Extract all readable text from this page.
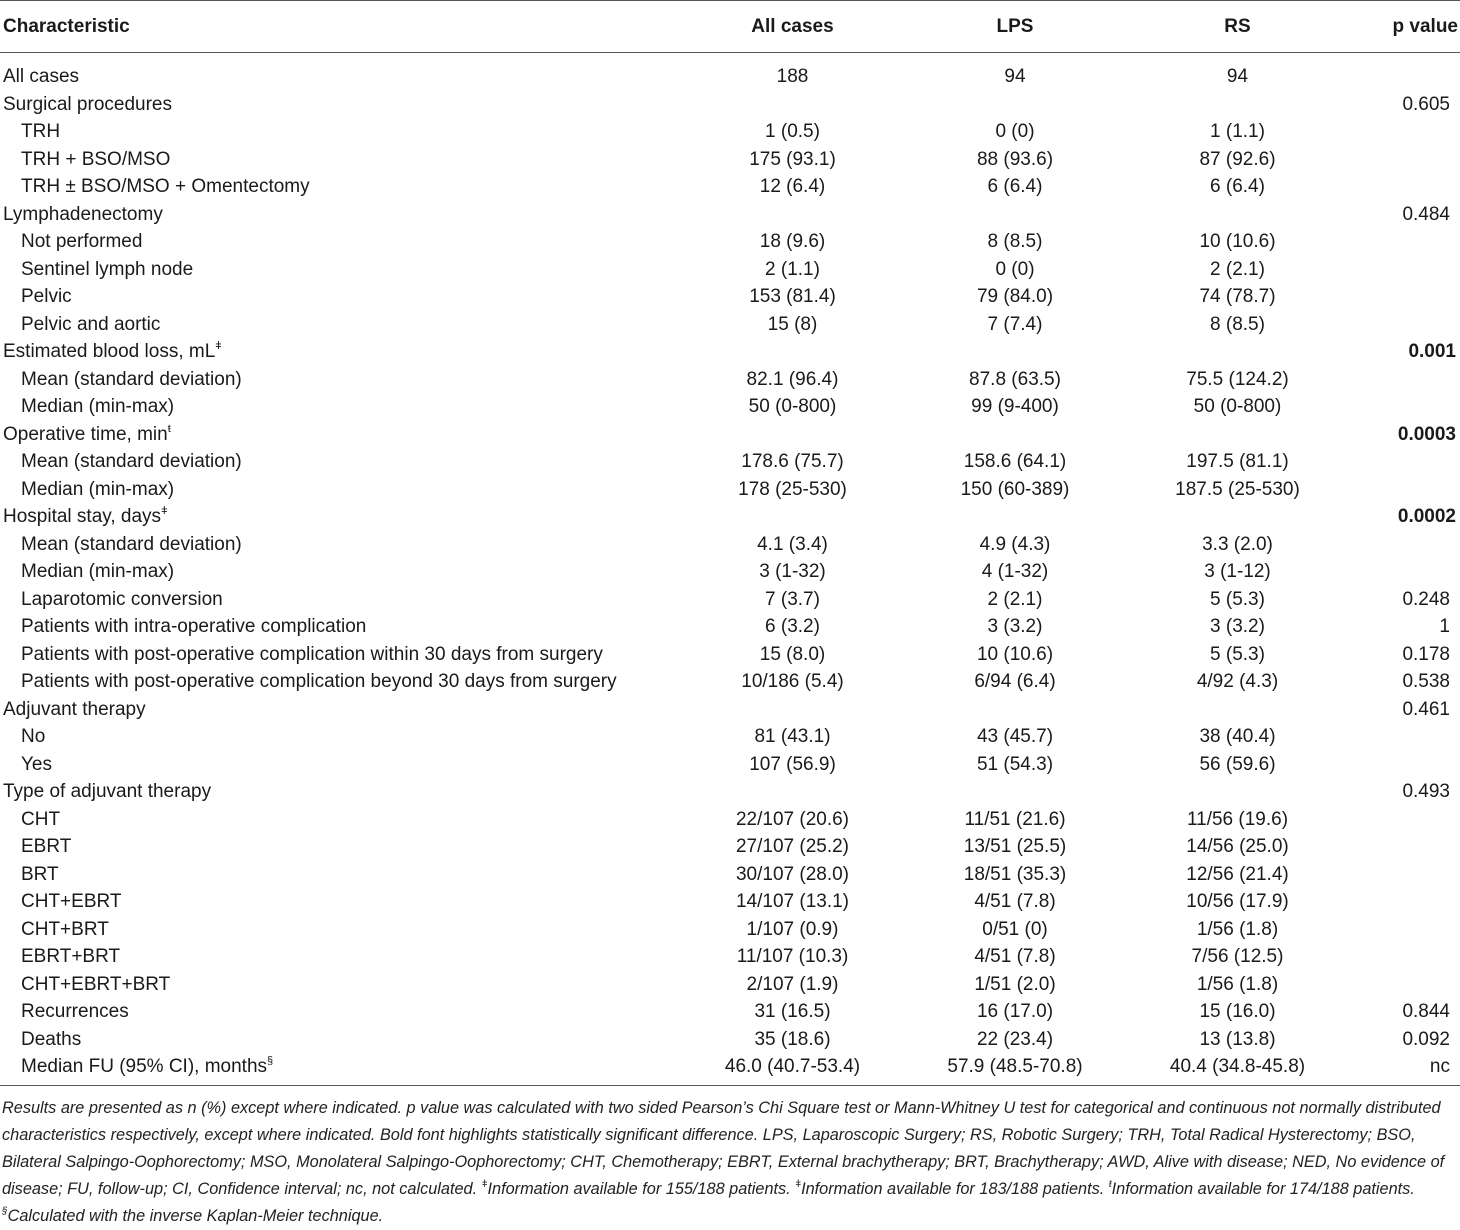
Characteristic	All cases	LPS	RS	p value
All cases	188	94	94	
Surgical procedures				0.605
TRH	1 (0.5)	0 (0)	1 (1.1)	
TRH + BSO/MSO	175 (93.1)	88 (93.6)	87 (92.6)	
TRH ± BSO/MSO + Omentectomy	12 (6.4)	6 (6.4)	6 (6.4)	
Lymphadenectomy				0.484
Not performed	18 (9.6)	8 (8.5)	10 (10.6)	
Sentinel lymph node	2 (1.1)	0 (0)	2 (2.1)	
Pelvic	153 (81.4)	79 (84.0)	74 (78.7)	
Pelvic and aortic	15 (8)	7 (7.4)	8 (8.5)	
Estimated blood loss, $mL^ǂ$				0.001
Mean (standard deviation)	82.1 (96.4)	87.8 (63.5)	75.5 (124.2)	
Median (min-max)	50 (0-800)	99 (9-400)	50 (0-800)	
Operative time, $\min^ŧ$				0.0003
Mean (standard deviation)	178.6 (75.7)	158.6 (64.1)	197.5 (81.1)	
Median (min-max)	178 (25-530)	150 (60-389)	187.5 (25-530)	
Hospital stay, days$^ǂ$				0.0002
Mean (standard deviation)	4.1 (3.4)	4.9 (4.3)	3.3 (2.0)	
Median (min-max)	3 (1-32)	4 (1-32)	3 (1-12)	
Laparotomic conversion	7 (3.7)	2 (2.1)	5 (5.3)	0.248
Patients with intra-operative complication	6 (3.2)	3 (3.2)	3 (3.2)	1
Patients with post-operative complication within 30 days from surgery	15 (8.0)	10 (10.6)	5 (5.3)	0.178
Patients with post-operative complication beyond 30 days from surgery	10/186 (5.4)	6/94 (6.4)	4/92 (4.3)	0.538
Adjuvant therapy				0.461
No	81 (43.1)	43 (45.7)	38 (40.4)	
Yes	107 (56.9)	51 (54.3)	56 (59.6)	
Type of adjuvant therapy				0.493
CHT	22/107 (20.6)	11/51 (21.6)	11/56 (19.6)	
EBRT	27/107 (25.2)	13/51 (25.5)	14/56 (25.0)	
BRT	30/107 (28.0)	18/51 (35.3)	12/56 (21.4)	
CHT+EBRT	14/107 (13.1)	4/51 (7.8)	10/56 (17.9)	
CHT+BRT	1/107 (0.9)	0/51 (0)	1/56 (1.8)	
EBRT+BRT	11/107 (10.3)	4/51 (7.8)	7/56 (12.5)	
CHT+EBRT+BRT	2/107 (1.9)	1/51 (2.0)	1/56 (1.8)	
Recurrences	31 (16.5)	16 (17.0)	15 (16.0)	0.844
Deaths	35 (18.6)	22 (23.4)	13 (13.8)	0.092
Median FU (95% CI), months§	46.0 (40.7-53.4)	57.9 (48.5-70.8)	40.4 (34.8-45.8)	nc

Results are presented as n (%) except where indicated. p value was calculated with two sided Pearson’s Chi Square test or Mann-Whitney U test for categorical and continuous not normally distributed characteristics respectively, except where indicated. Bold font highlights statistically significant difference. LPS, Laparoscopic Surgery; RS, Robotic Surgery; TRH, Total Radical Hysterectomy; BSO, Bilateral Salpingo-Oophorectomy; MSO, Monolateral Salpingo-Oophorectomy; CHT, Chemotherapy; EBRT, External brachytherapy; BRT, Brachytherapy; AWD, Alive with disease; NED, No evidence of disease; FU, follow-up; CI, Confidence interval; nc, not calculated. $^ǂ$Information available for 155/188 patients. $^ǂ$Information available for 183/188 patients. $^ŧ$Information available for 174/188 patients. §Calculated with the inverse Kaplan-Meier technique.
